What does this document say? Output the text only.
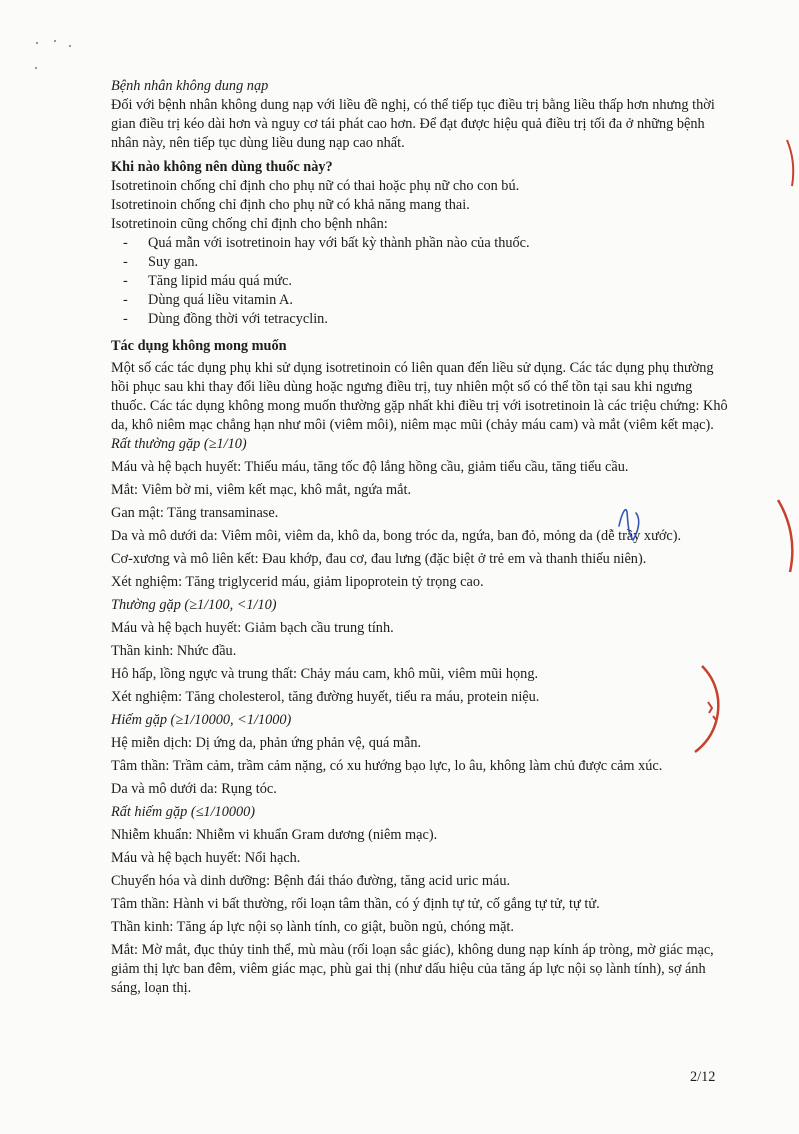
Bệnh nhân không dung nạp

Đối với bệnh nhân không dung nạp với liều đề nghị, có thể tiếp tục điều trị bằng liều thấp hơn nhưng thời gian điều trị kéo dài hơn và nguy cơ tái phát cao hơn. Để đạt được hiệu quả điều trị tối đa ở những bệnh nhân này, nên tiếp tục dùng liều dung nạp cao nhất.

Khi nào không nên dùng thuốc này?

Isotretinoin chống chỉ định cho phụ nữ có thai hoặc phụ nữ cho con bú.

Isotretinoin chống chỉ định cho phụ nữ có khả năng mang thai.

Isotretinoin cũng chống chỉ định cho bệnh nhân:

- Quá mẫn với isotretinoin hay với bất kỳ thành phần nào của thuốc.
- Suy gan.
- Tăng lipid máu quá mức.
- Dùng quá liều vitamin A.
- Dùng đồng thời với tetracyclin.

Tác dụng không mong muốn

Một số các tác dụng phụ khi sử dụng isotretinoin có liên quan đến liều sử dụng. Các tác dụng phụ thường hồi phục sau khi thay đổi liều dùng hoặc ngưng điều trị, tuy nhiên một số có thể tồn tại sau khi ngưng thuốc. Các tác dụng không mong muốn thường gặp nhất khi điều trị với isotretinoin là các triệu chứng: Khô da, khô niêm mạc chẳng hạn như môi (viêm môi), niêm mạc mũi (chảy máu cam) và mắt (viêm kết mạc).

Rất thường gặp (≥1/10)

Máu và hệ bạch huyết: Thiếu máu, tăng tốc độ lắng hồng cầu, giảm tiểu cầu, tăng tiểu cầu.

Mắt: Viêm bờ mi, viêm kết mạc, khô mắt, ngứa mắt.

Gan mật: Tăng transaminase.

Da và mô dưới da: Viêm môi, viêm da, khô da, bong tróc da, ngứa, ban đỏ, mỏng da (dễ trầy xước).

Cơ-xương và mô liên kết: Đau khớp, đau cơ, đau lưng (đặc biệt ở trẻ em và thanh thiếu niên).

Xét nghiệm: Tăng triglycerid máu, giảm lipoprotein tỷ trọng cao.

Thường gặp (≥1/100, <1/10)

Máu và hệ bạch huyết: Giảm bạch cầu trung tính.

Thần kinh: Nhức đầu.

Hô hấp, lồng ngực và trung thất: Chảy máu cam, khô mũi, viêm mũi họng.

Xét nghiệm: Tăng cholesterol, tăng đường huyết, tiểu ra máu, protein niệu.

Hiếm gặp (≥1/10000, <1/1000)

Hệ miễn dịch: Dị ứng da, phản ứng phản vệ, quá mẫn.

Tâm thần: Trầm cảm, trầm cảm nặng, có xu hướng bạo lực, lo âu, không làm chủ được cảm xúc.

Da và mô dưới da: Rụng tóc.

Rất hiếm gặp (≤1/10000)

Nhiễm khuẩn: Nhiễm vi khuẩn Gram dương (niêm mạc).

Máu và hệ bạch huyết: Nổi hạch.

Chuyển hóa và dinh dưỡng: Bệnh đái tháo đường, tăng acid uric máu.

Tâm thần: Hành vi bất thường, rối loạn tâm thần, có ý định tự tử, cố gắng tự tử, tự tử.

Thần kinh: Tăng áp lực nội sọ lành tính, co giật, buồn ngủ, chóng mặt.

Mắt: Mờ mắt, đục thủy tinh thể, mù màu (rối loạn sắc giác), không dung nạp kính áp tròng, mờ giác mạc, giảm thị lực ban đêm, viêm giác mạc, phù gai thị (như dấu hiệu của tăng áp lực nội sọ lành tính), sợ ánh sáng, loạn thị.

2/12
